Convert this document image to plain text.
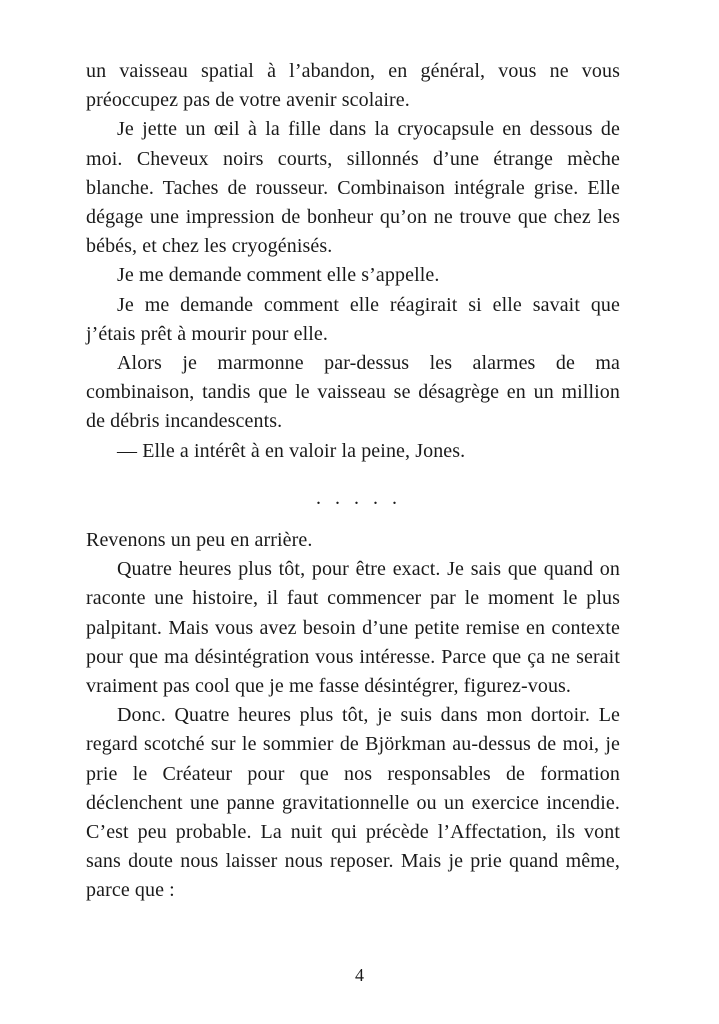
un vaisseau spatial à l’abandon, en général, vous ne vous préoccupez pas de votre avenir scolaire.

Je jette un œil à la fille dans la cryocapsule en dessous de moi. Cheveux noirs courts, sillonnés d’une étrange mèche blanche. Taches de rousseur. Combinaison intégrale grise. Elle dégage une impression de bonheur qu’on ne trouve que chez les bébés, et chez les cryogénisés.

Je me demande comment elle s’appelle.

Je me demande comment elle réagirait si elle savait que j’étais prêt à mourir pour elle.

Alors je marmonne par-dessus les alarmes de ma combinaison, tandis que le vaisseau se désagrège en un million de débris incandescents.

— Elle a intérêt à en valoir la peine, Jones.

.....

Revenons un peu en arrière.

Quatre heures plus tôt, pour être exact. Je sais que quand on raconte une histoire, il faut commencer par le moment le plus palpitant. Mais vous avez besoin d’une petite remise en contexte pour que ma désintégration vous intéresse. Parce que ça ne serait vraiment pas cool que je me fasse désintégrer, figurez-vous.

Donc. Quatre heures plus tôt, je suis dans mon dortoir. Le regard scotché sur le sommier de Björkman au-dessus de moi, je prie le Créateur pour que nos responsables de formation déclenchent une panne gravitationnelle ou un exercice incendie. C’est peu probable. La nuit qui précède l’Affectation, ils vont sans doute nous laisser nous reposer. Mais je prie quand même, parce que :

4
